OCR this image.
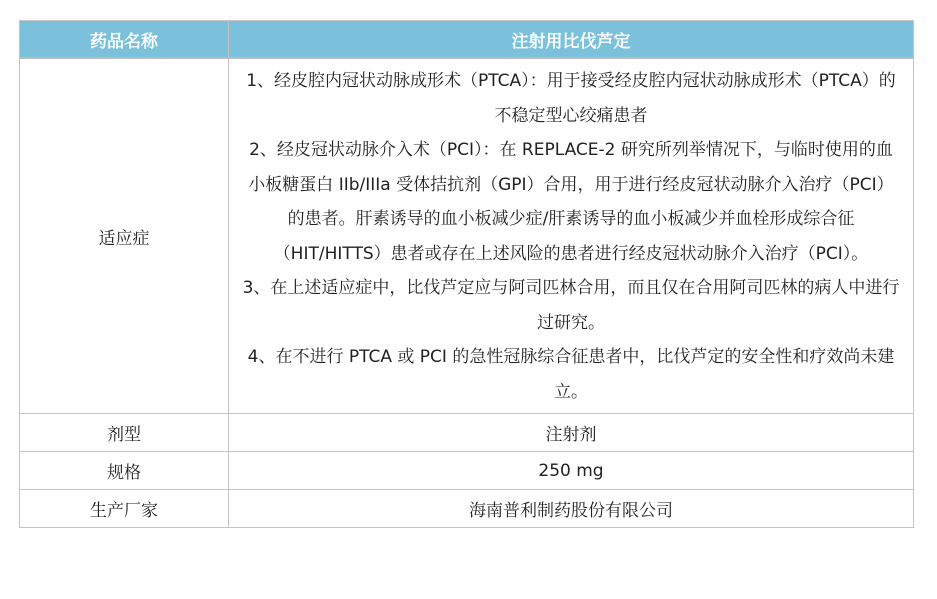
药品名称	注射用比伐芦定
适应症	1、经皮腔内冠状动脉成形术（PTCA）：用于接受经皮腔内冠状动脉成形术（PTCA）的不稳定型心绞痛患者
2、经皮冠状动脉介入术（PCI）：在 REPLACE-2 研究所列举情况下，与临时使用的血小板糖蛋白 IIb/IIIa 受体拮抗剂（GPI）合用，用于进行经皮冠状动脉介入治疗（PCI）的患者。肝素诱导的血小板减少症/肝素诱导的血小板减少并血栓形成综合征（HIT/HITTS）患者或存在上述风险的患者进行经皮冠状动脉介入治疗（PCI）。
3、在上述适应症中，比伐芦定应与阿司匹林合用，而且仅在合用阿司匹林的病人中进行过研究。
4、在不进行 PTCA 或 PCI 的急性冠脉综合征患者中，比伐芦定的安全性和疗效尚未建立。

剂型	注射剂
规格	250 mg
生产厂家	海南普利制药股份有限公司
